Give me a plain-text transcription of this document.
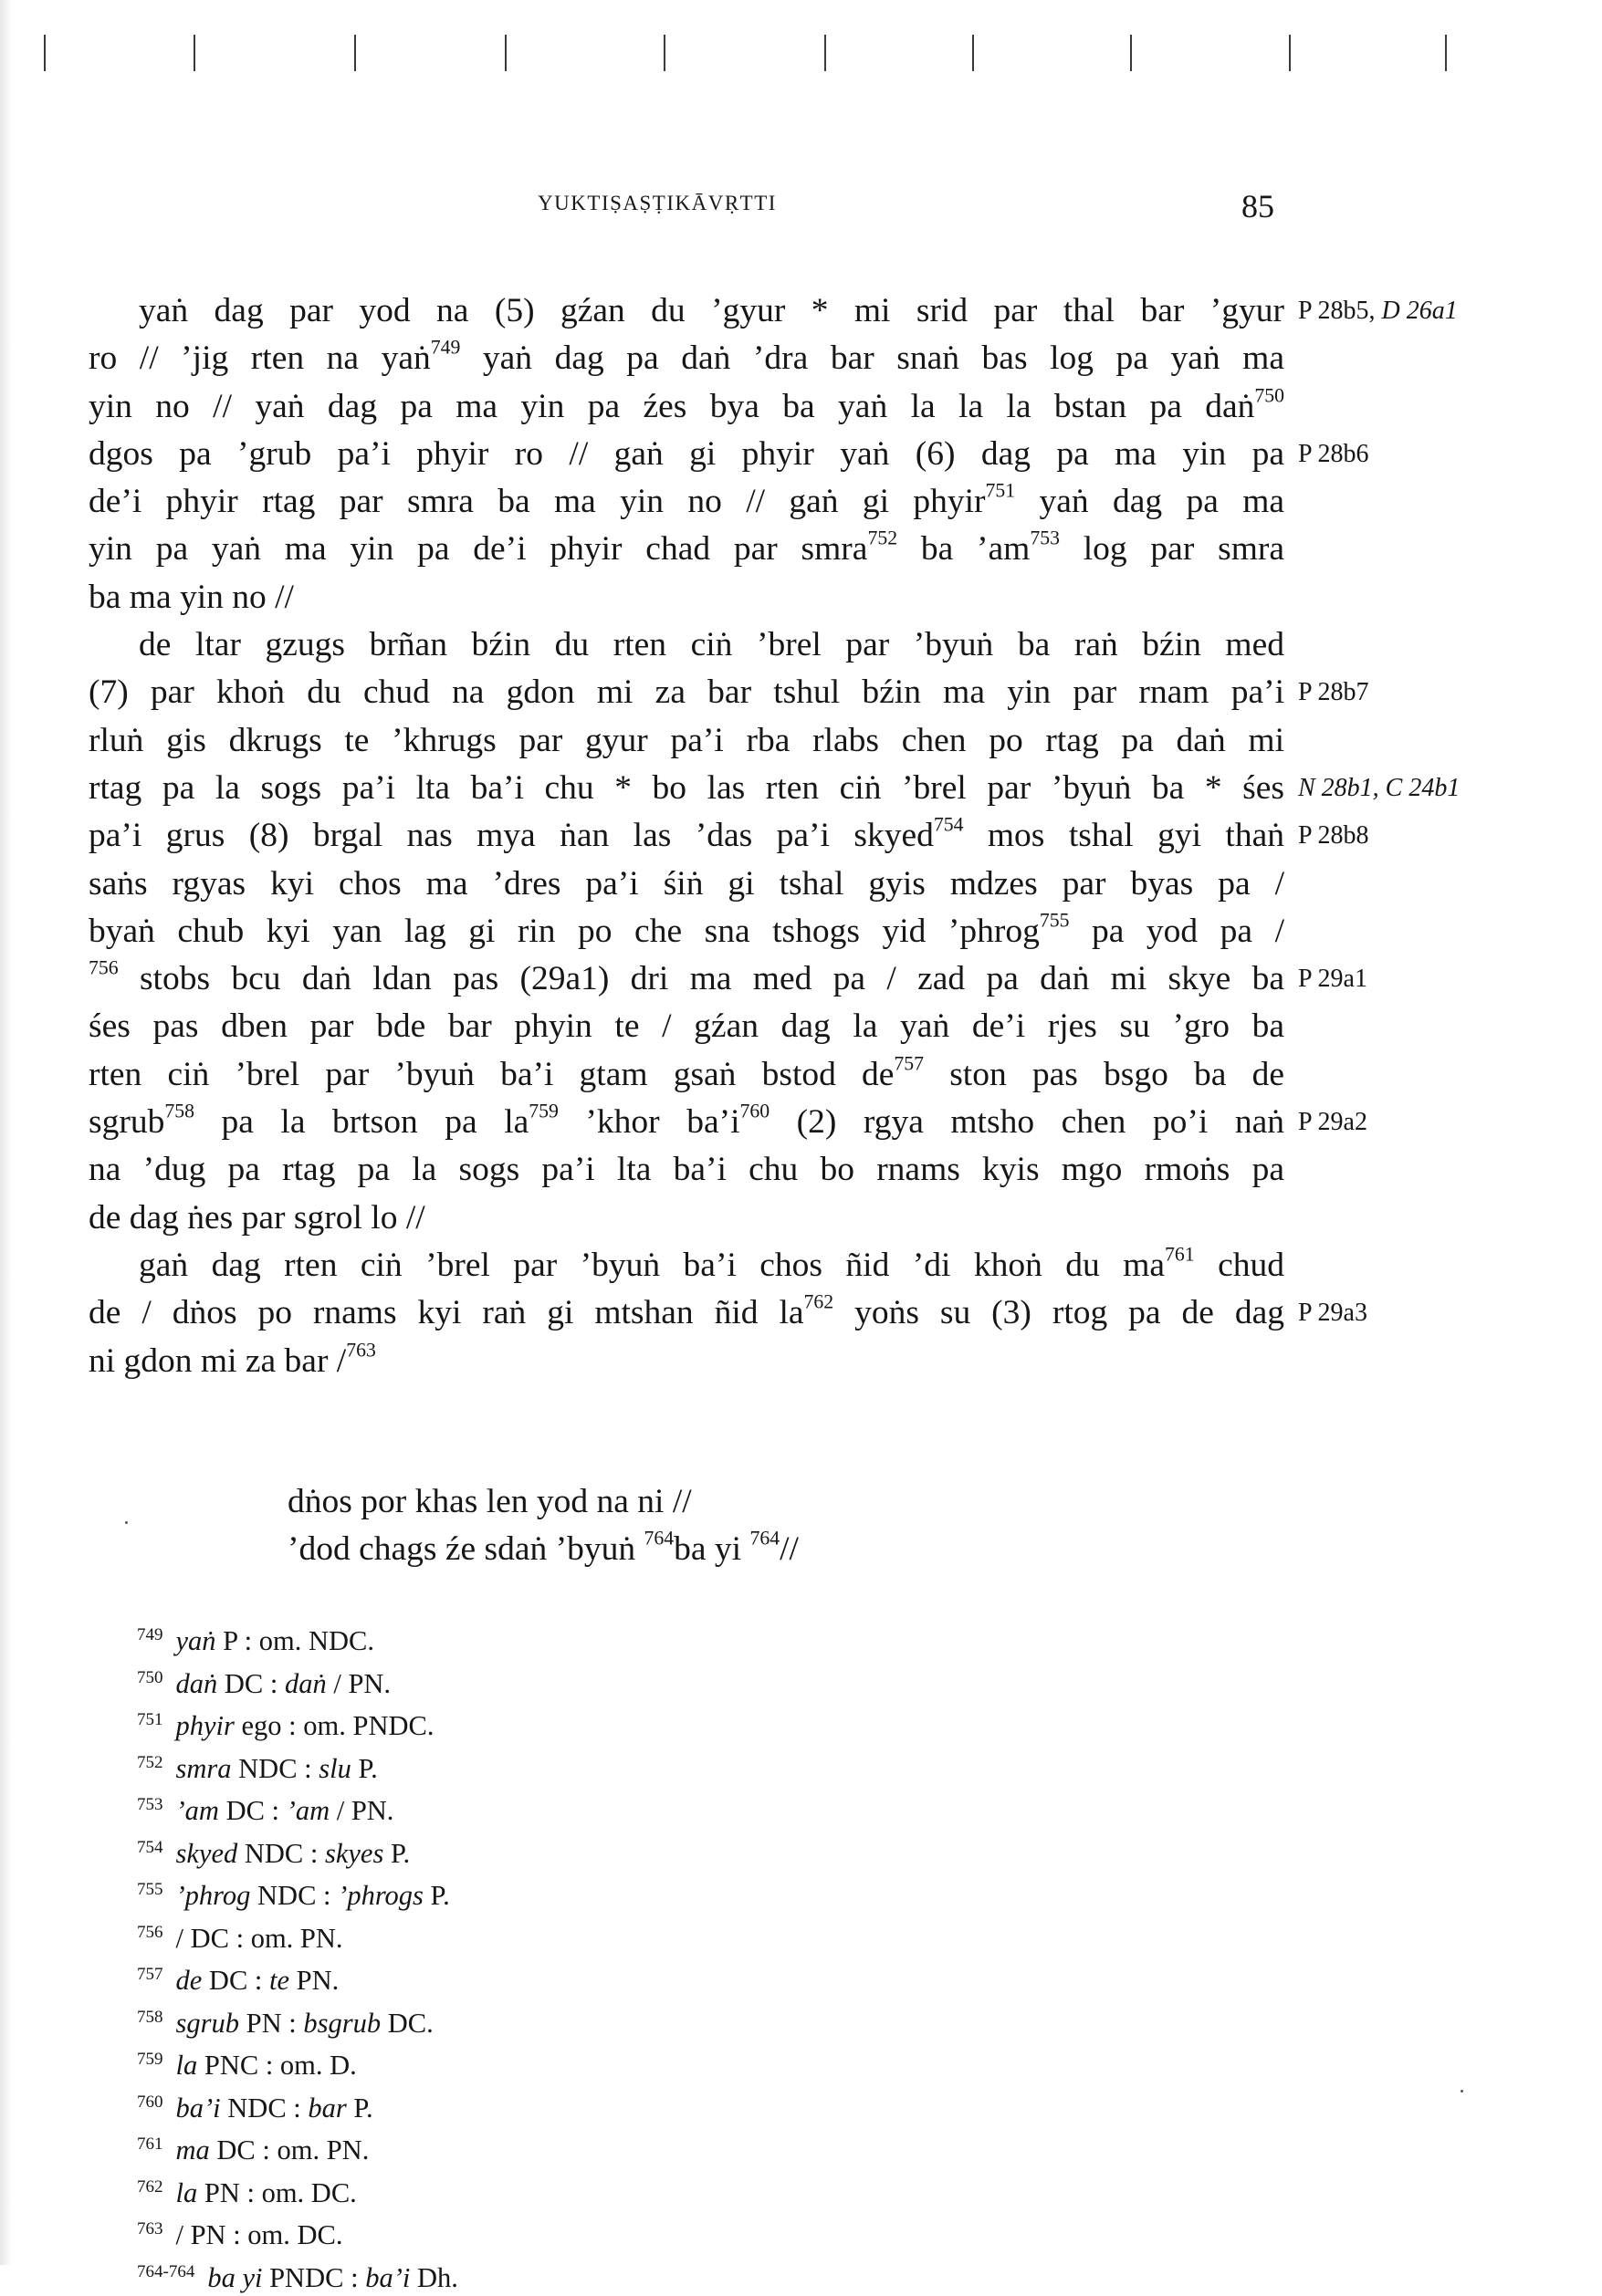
YUKTIṢAṢṬIKĀVṚTTI	85
yaṅ dag par yod na (5) gźan du ’gyur * mi srid par thal bar ’gyur
ro // ’jig rten na yaṅ$^{749}$ yaṅ dag pa daṅ ’dra bar snaṅ bas log pa yaṅ ma
yin no // yaṅ dag pa ma yin pa źes bya ba yaṅ la la la bstan pa daṅ$^{750}$
dgos pa ’grub pa’i phyir ro // gaṅ gi phyir yaṅ (6) dag pa ma yin pa
de’i phyir rtag par smra ba ma yin no // gaṅ gi phyir$^{751}$ yaṅ dag pa ma
yin pa yaṅ ma yin pa de’i phyir chad par smra$^{752}$ ba $’am^{753}$ log par smra
ba ma yin no //
de ltar gzugs brñan bźin du rten ciṅ ’brel par ’byuṅ ba raṅ bźin med
(7) par khoṅ du chud na gdon mi za bar tshul bźin ma yin par rnam pa’i
rluṅ gis dkrugs te ’khrugs par gyur pa’i rba rlabs chen po rtag pa daṅ mi
rtag pa la sogs pa’i lta ba’i chu * bo las rten ciṅ ’brel par ’byuṅ ba * śes
pa’i grus (8) brgal nas mya ṅan las ’das pa’i skyed$^{754}$ mos tshal gyi thaṅ
saṅs rgyas kyi chos ma ’dres pa’i śiṅ gi tshal gyis mdzes par byas pa /
byaṅ chub kyi yan lag gi rin po che sna tshogs yid ’phrog$^{755}$ pa yod pa /
$^{756}$ stobs bcu daṅ ldan pas (29a1) dri ma med pa / zad pa daṅ mi skye ba
śes pas dben par bde bar phyin te / gźan dag la yaṅ de’i rjes su ’gro ba
rten ciṅ ’brel par ’byuṅ ba’i gtam gsaṅ bstod $de^{757}$ ston pas bsgo ba de
sgrub$^{758}$ pa la brtson pa $la^{759}$ ’khor $ba’i^{760}$ (2) rgya mtsho chen po’i naṅ
na ’dug pa rtag pa la sogs pa’i lta ba’i chu bo rnams kyis mgo rmoṅs pa
de dag ṅes par sgrol lo //
gaṅ dag rten ciṅ ’brel par ’byuṅ ba’i chos ñid ’di khoṅ du $ma^{761}$ chud
de / dṅos po rnams kyi raṅ gi mtshan ñid $la^{762}$ yoṅs su (3) rtog pa de dag
ni gdon mi za bar /$^{763}$
P 28b5, D 26a1
P 28b6
P 28b7
N 28b1, C 24b1
P 28b8
P 29a1
P 29a2
P 29a3
dṅos por khas len yod na ni //
’dod chags źe sdaṅ ’byuṅ $^{764}$ba yi $^{764}$//
749 yaṅ P : om. NDC.
750 daṅ DC : daṅ / PN.
751 phyir ego : om. PNDC.
752 smra NDC : slu P.
753 ’am DC : ’am / PN.
754 skyed NDC : skyes P.
755 ’phrog NDC : ’phrogs P.
756 / DC : om. PN.
757 de DC : te PN.
758 sgrub PN : bsgrub DC.
759 la PNC : om. D.
760 ba’i NDC : bar P.
761 ma DC : om. PN.
762 la PN : om. DC.
763 / PN : om. DC.
764-764 ba yi PNDC : ba’i Dh.
